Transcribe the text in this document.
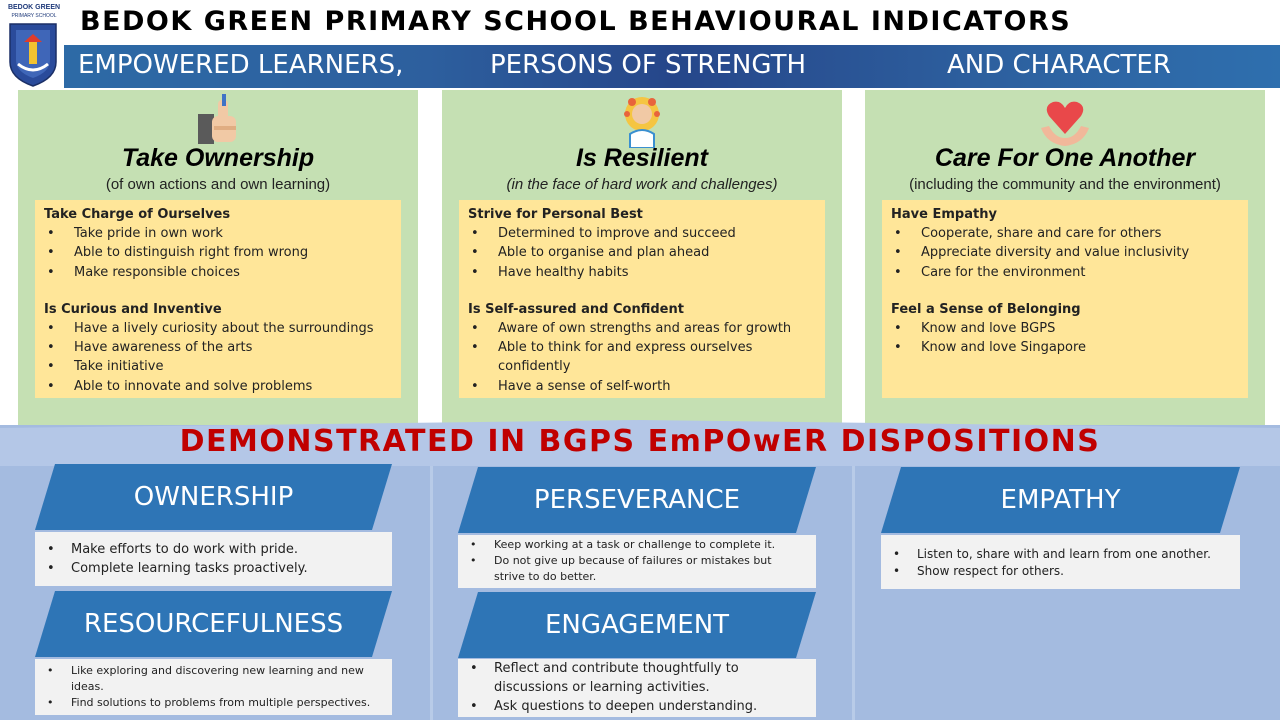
BEDOK GREEN
PRIMARY SCHOOL BEDOK GREEN PRIMARY SCHOOL BEHAVIOURAL INDICATORS
EMPOWERED LEARNERS,	PERSONS OF STRENGTH	AND CHARACTER
Take Ownership
(of own actions and own learning)
Take Charge of Ourselves
• Take pride in own work
• Able to distinguish right from wrong
• Make responsible choices
Is Curious and Inventive
• Have a lively curiosity about the surroundings
• Have awareness of the arts
• Take initiative
• Able to innovate and solve problems
Is Resilient
(in the face of hard work and challenges)
Strive for Personal Best
• Determined to improve and succeed
• Able to organise and plan ahead
• Have healthy habits
Is Self-assured and Confident
• Aware of own strengths and areas for growth
• Able to think for and express ourselves confidently
• Have a sense of self-worth
Care For One Another
(including the community and the environment)
Have Empathy
• Cooperate, share and care for others
• Appreciate diversity and value inclusivity
• Care for the environment
Feel a Sense of Belonging
• Know and love BGPS
• Know and love Singapore
DEMONSTRATED IN BGPS EmPOwER DISPOSITIONS
OWNERSHIP
• Make efforts to do work with pride.
• Complete learning tasks proactively.
RESOURCEFULNESS
• Like exploring and discovering new learning and new ideas.
• Find solutions to problems from multiple perspectives.
PERSEVERANCE
• Keep working at a task or challenge to complete it.
• Do not give up because of failures or mistakes but strive to do better.
ENGAGEMENT
• Reflect and contribute thoughtfully to discussions or learning activities.
• Ask questions to deepen understanding.
EMPATHY
• Listen to, share with and learn from one another.
• Show respect for others.
